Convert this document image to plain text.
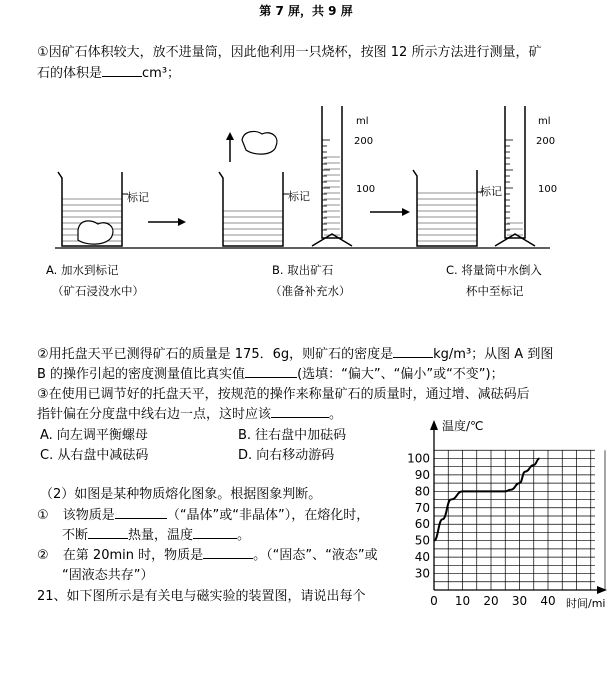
第 7 屏，共 9 屏
①因矿石体积较大，放不进量筒，因此他利用一只烧杯，按图 12 所示方法进行测量，矿
石的体积是	cm³；
标记	标记
ml
200
100	标记
ml
200
100
A. 加水到标记
（矿石浸没水中）
B. 取出矿石
（准备补充水）
C. 将量筒中水倒入
杯中至标记
②用托盘天平已测得矿石的质量是 175．6g，则矿石的密度是	kg/m³；从图 A 到图
B 的操作引起的密度测量值比真实值	(选填：“偏大”、“偏小”或“不变”)；
③在使用已调节好的托盘天平，按规范的操作来称量矿石的质量时，通过增、减砝码后
指针偏在分度盘中线右边一点，这时应该	。
A. 向左调平衡螺母	B. 往右盘中加砝码
C. 从右盘中减砝码	D. 向右移动游码
（2）如图是某种物质熔化图象。根据图象判断。
① 该物质是	（“晶体”或“非晶体”），在熔化时，
不断	热量，温度	。
② 在第 20min 时，物质是	。（“固态”、“液态”或
“固液态共存”）
21、如下图所示是有关电与磁实验的装置图，请说出每个
30
40
50
60
70
80
90
100
0 10 20 30 40
温度/℃
时间/mi
